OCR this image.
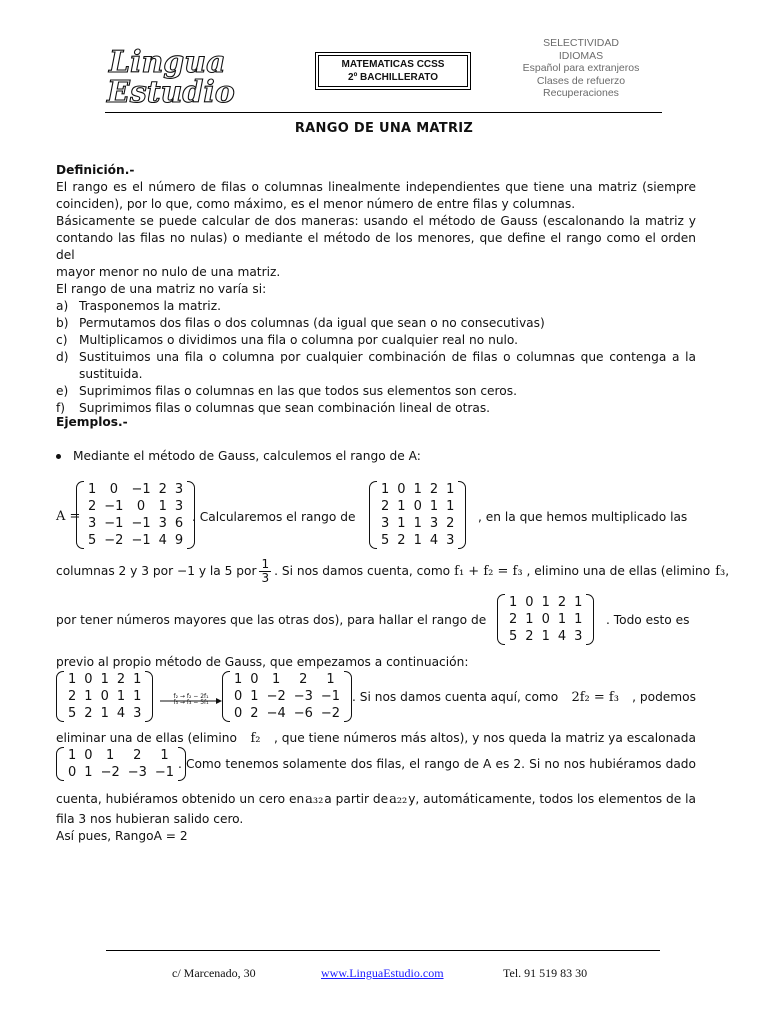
Lingua
Estudio
MATEMATICAS CCSS
2º BACHILLERATO
SELECTIVIDAD
IDIOMAS
Español para extranjeros
Clases de refuerzo
Recuperaciones
RANGO DE UNA MATRIZ
Definición.-
El rango es el número de filas o columnas linealmente independientes que tiene una matriz (siempre
coinciden), por lo que, como máximo, es el menor número de entre filas y columnas.
Básicamente se puede calcular de dos maneras: usando el método de Gauss (escalonando la matriz y
contando las filas no nulas) o mediante el método de los menores, que define el rango como el orden del
mayor menor no nulo de una matriz.
El rango de una matriz no varía si:
a) Trasponemos la matriz.
b) Permutamos dos filas o dos columnas (da igual que sean o no consecutivas)
c) Multiplicamos o dividimos una fila o columna por cualquier real no nulo.
d) Sustituimos una fila o columna por cualquier combinación de filas o columnas que contenga a la
sustituida.
e) Suprimimos filas o columnas en las que todos sus elementos son ceros.
f)	Suprimimos filas o columnas que sean combinación lineal de otras.
Ejemplos.-
Mediante el método de Gauss, calculemos el rango de A:
A =
1	0	−1	2	3
2	−1	0	1	3
3	−1	−1	3	6
5	−2	−1	4	9
. Calcularemos el rango de
1	0	1	2	1
2	1	0	1	1
3	1	1	3	2
5	2	1	4	3
, en la que hemos multiplicado las
columnas 2 y 3 por −1 y la 5 por $\frac{1}{3}$ . Si nos damos cuenta, como f₁ + f₂ = f₃ , elimino una de ellas (elimino f₃ ,
por tener números mayores que las otras dos), para hallar el rango de
1	0	1	2	1
2	1	0	1	1
5	2	1	4	3
. Todo esto es
previo al propio método de Gauss, que empezamos a continuación:
1	0	1	2	1
2	1	0	1	1
5	2	1	4	3
f₂ → f₂ − 2f₁
f₃ → f₃ − 5f₁
1	0	1	2	1
0	1	−2	−3	−1
0	2	−4	−6	−2
. Si nos damos cuenta aquí, como 2f₂ = f₃ , podemos
eliminar una de ellas (elimino f₂ , que tiene números más altos), y nos queda la matriz ya escalonada
1	0	1	2	1
0	1	−2	−3	−1
. Como tenemos solamente dos filas, el rango de A es 2. Si no nos hubiéramos dado
cuenta, hubiéramos obtenido un cero en a₃₂ a partir de a₂₂ y, automáticamente, todos los elementos de la
fila 3 nos hubieran salido cero.
Así pues, RangoA = 2
c/ Marcenado, 30	www.LinguaEstudio.com	Tel. 91 519 83 30
